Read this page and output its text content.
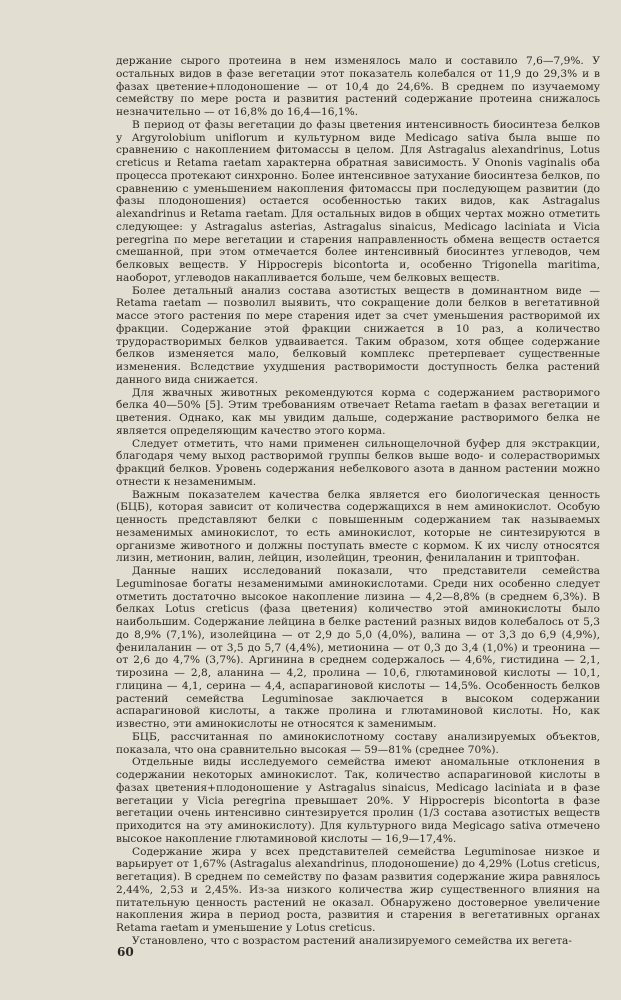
держание сырого протеина в нем изменялось мало и составило 7,6—7,9%. У остальных видов в фазе вегетации этот показатель колебался от 11,9 до 29,3% и в фазах цветение+плодоношение — от 10,4 до 24,6%. В среднем по изучаемому семейству по мере роста и развития растений содержание протеина снижалось незначительно — от 16,8% до 16,4—16,1%.

В период от фазы вегетации до фазы цветения интенсивность биосинтеза белков у Argyrolobium uniflorum и культурном виде Medicago sativa была выше по сравнению с накоплением фитомассы в целом. Для Astragalus alexandrinus, Lotus creticus и Retama raetam характерна обратная зависимость. У Ononis vaginalis оба процесса протекают синхронно. Более интенсивное затухание биосинтеза белков, по сравнению с уменьшением накопления фитомассы при последующем развитии (до фазы плодоношения) остается особенностью таких видов, как Astragalus alexandrinus и Retama raetam. Для остальных видов в общих чертах можно отметить следующее: у Astragalus asterias, Astragalus sinaicus, Medicago laciniata и Vicia peregrina по мере вегетации и старения направленность обмена веществ остается смешанной, при этом отмечается более интенсивный биосинтез углеводов, чем белковых веществ. У Hippocrepis bicontorta и, особенно Trigonella maritima, наоборот, углеводов накапливается больше, чем белковых веществ.

Более детальный анализ состава азотистых веществ в доминантном виде — Retama raetam — позволил выявить, что сокращение доли белков в вегетативной массе этого растения по мере старения идет за счет уменьшения растворимой их фракции. Содержание этой фракции снижается в 10 раз, а количество трудорастворимых белков удваивается. Таким образом, хотя общее содержание белков изменяется мало, белковый комплекс претерпевает существенные изменения. Вследствие ухудшения растворимости доступность белка растений данного вида снижается.

Для жвачных животных рекомендуются корма с содержанием растворимого белка 40—50% [5]. Этим требованиям отвечает Retama raetam в фазах вегетации и цветения. Однако, как мы увидим дальше, содержание растворимого белка не является определяющим качество этого корма.

Следует отметить, что нами применен сильнощелочной буфер для экстракции, благодаря чему выход растворимой группы белков выше водо- и солерастворимых фракций белков. Уровень содержания небелкового азота в данном растении можно отнести к незаменимым.

Важным показателем качества белка является его биологическая ценность (БЦБ), которая зависит от количества содержащихся в нем аминокислот. Особую ценность представляют белки с повышенным содержанием так называемых незаменимых аминокислот, то есть аминокислот, которые не синтезируются в организме животного и должны поступать вместе с кормом. К их числу относятся лизин, метионин, валин, лейцин, изолейцин, треонин, фенилаланин и триптофан.

Данные наших исследований показали, что представители семейства Leguminosae богаты незаменимыми аминокислотами. Среди них особенно следует отметить достаточно высокое накопление лизина — 4,2—8,8% (в среднем 6,3%). В белках Lotus creticus (фаза цветения) количество этой аминокислоты было наибольшим. Содержание лейцина в белке растений разных видов колебалось от 5,3 до 8,9% (7,1%), изолейцина — от 2,9 до 5,0 (4,0%), валина — от 3,3 до 6,9 (4,9%), фенилаланин — от 3,5 до 5,7 (4,4%), метионина — от 0,3 до 3,4 (1,0%) и треонина — от 2,6 до 4,7% (3,7%). Аргинина в среднем содержалось — 4,6%, гистидина — 2,1, тирозина — 2,8, аланина — 4,2, пролина — 10,6, глютаминовой кислоты — 10,1, глицина — 4,1, серина — 4,4, аспарагиновой кислоты — 14,5%. Особенность белков растений семейства Leguminosae заключается в высоком содержании аспарагиновой кислоты, а также пролина и глютаминовой кислоты. Но, как известно, эти аминокислоты не относятся к заменимым.

БЦБ, рассчитанная по аминокислотному составу анализируемых объектов, показала, что она сравнительно высокая — 59—81% (среднее 70%).

Отдельные виды исследуемого семейства имеют аномальные отклонения в содержании некоторых аминокислот. Так, количество аспарагиновой кислоты в фазах цветения+плодоношение у Astragalus sinaicus, Medicago laciniata и в фазе вегетации у Vicia peregrina превышает 20%. У Hippocrepis bicontorta в фазе вегетации очень интенсивно синтезируется пролин (1/3 состава азотистых веществ приходится на эту аминокислоту). Для культурного вида Megicago sativa отмечено высокое накопление глютаминовой кислоты — 16,9—17,4%.

Содержание жира у всех представителей семейства Leguminosae низкое и варьирует от 1,67% (Astragalus alexandrinus, плодоношение) до 4,29% (Lotus creticus, вегетация). В среднем по семейству по фазам развития содержание жира равнялось 2,44%, 2,53 и 2,45%. Из-за низкого количества жир существенного влияния на питательную ценность растений не оказал. Обнаружено достоверное увеличение накопления жира в период роста, развития и старения в вегетативных органах Retama raetam и уменьшение у Lotus creticus.

Установлено, что с возрастом растений анализируемого семейства их вегета-

60
